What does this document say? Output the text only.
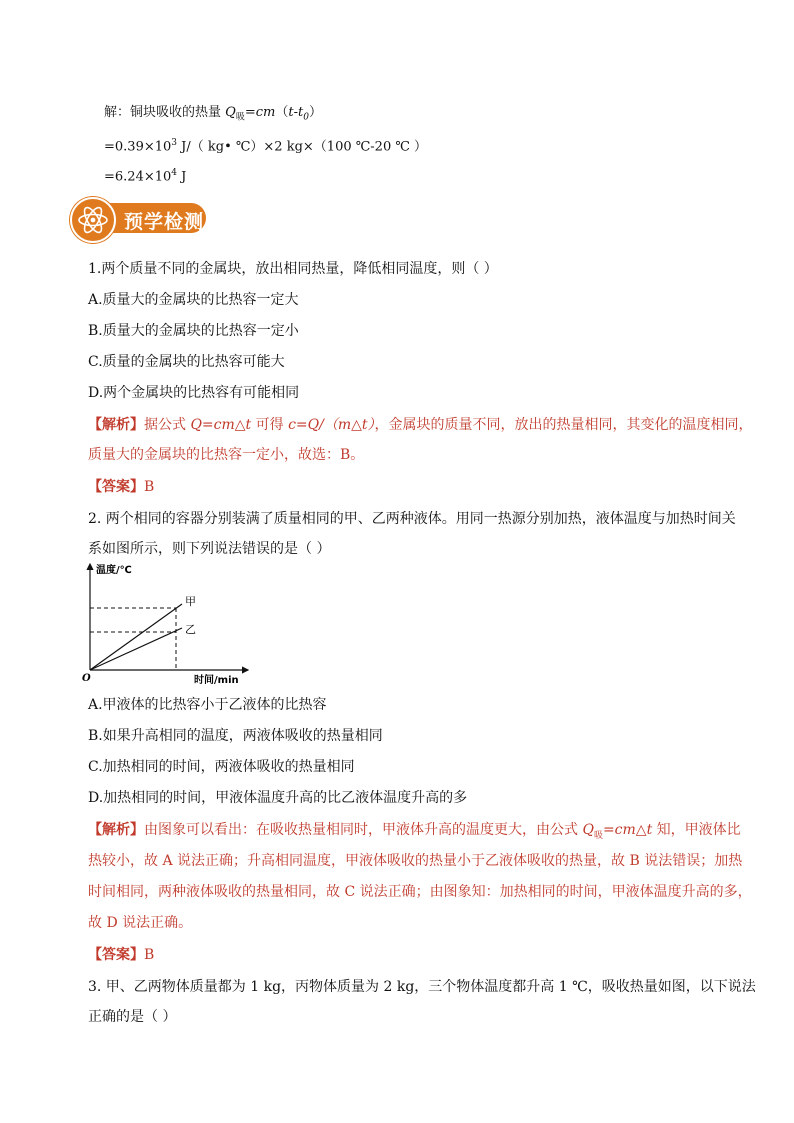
解：铜块吸收的热量 $Q_吸=cm(t-t_0)$
$=0.39\times 10^3$ J/（ kg• ℃）×2 kg×（100 ℃-20 ℃ ）
$=6.24\times 10^4$ J
预学检测
1.两个质量不同的金属块，放出相同热量，降低相同温度，则（ ）
A.质量大的金属块的比热容一定大
B.质量大的金属块的比热容一定小
C.质量的金属块的比热容可能大
D.两个金属块的比热容有可能相同
【解析】据公式 Q=cm△t 可得 c=Q/（m△t），金属块的质量不同，放出的热量相同，其变化的温度相同，
质量大的金属块的比热容一定小，故选：B。
【答案】B
2. 两个相同的容器分别装满了质量相同的甲、乙两种液体。用同一热源分别加热，液体温度与加热时间关
系如图所示，则下列说法错误的是（ ）
温度/℃
时间/min
O
甲
乙
A.甲液体的比热容小于乙液体的比热容
B.如果升高相同的温度，两液体吸收的热量相同
C.加热相同的时间，两液体吸收的热量相同
D.加热相同的时间，甲液体温度升高的比乙液体温度升高的多
【解析】由图象可以看出：在吸收热量相同时，甲液体升高的温度更大，由公式 $Q_吸=cm\triangle t$ 知，甲液体比
热较小，故 A 说法正确；升高相同温度，甲液体吸收的热量小于乙液体吸收的热量，故 B 说法错误；加热
时间相同，两种液体吸收的热量相同，故 C 说法正确；由图象知：加热相同的时间，甲液体温度升高的多，
故 D 说法正确。
【答案】B
3. 甲、乙两物体质量都为 1 kg，丙物体质量为 2 kg，三个物体温度都升高 1 ℃，吸收热量如图，以下说法
正确的是（ ）
